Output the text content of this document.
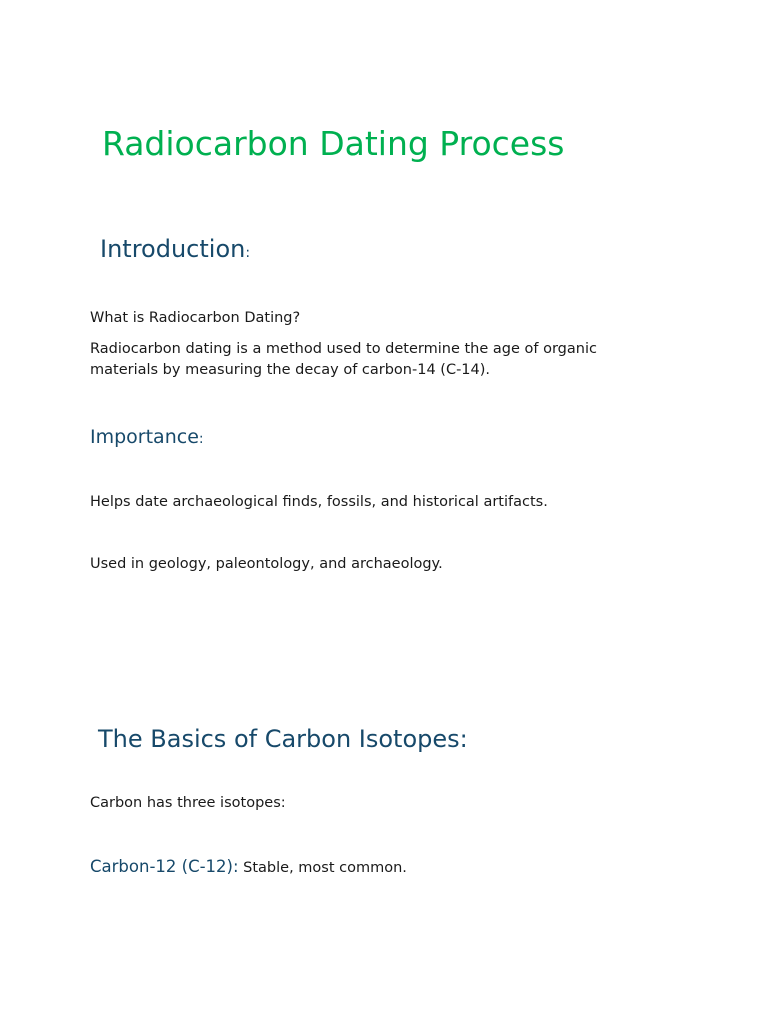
Radiocarbon Dating Process
Introduction:
What is Radiocarbon Dating?
Radiocarbon dating is a method used to determine the age of organic materials by measuring the decay of carbon-14 (C-14).
Importance:
Helps date archaeological finds, fossils, and historical artifacts.
Used in geology, paleontology, and archaeology.
The Basics of Carbon Isotopes:
Carbon has three isotopes:
Carbon-12 (C-12): Stable, most common.
